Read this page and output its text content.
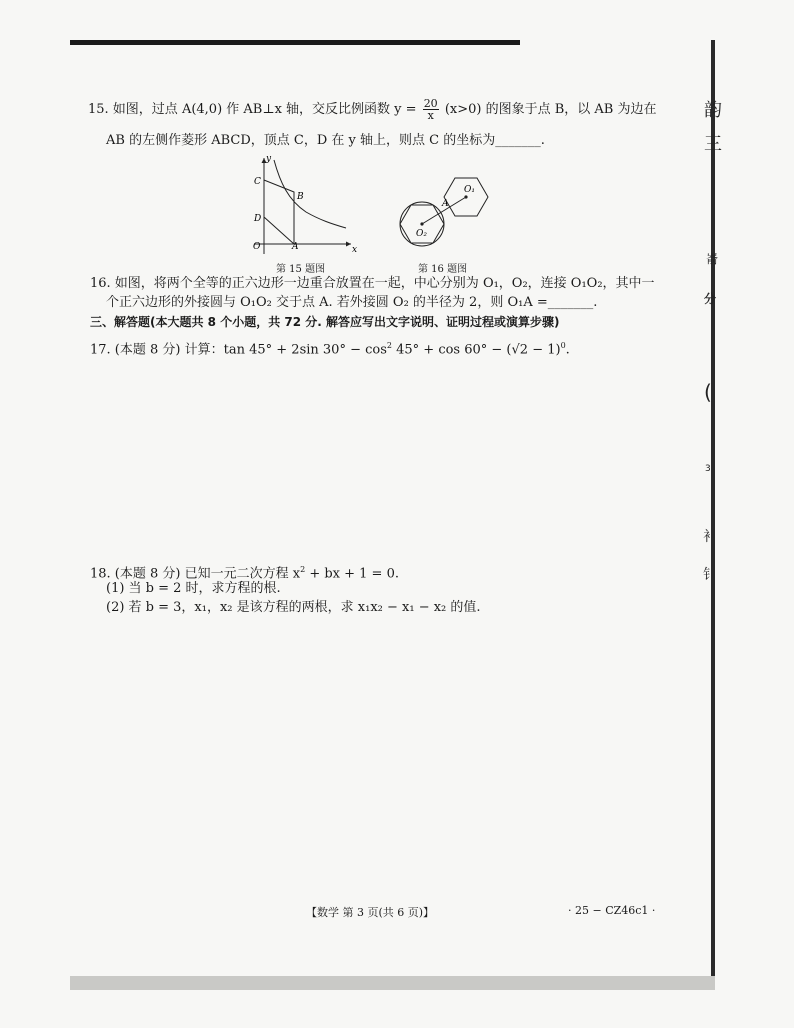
15. 如图，过点 A(4,0) 作 AB⊥x 轴，交反比例函数 $y = \frac{20}{x} (x>0)$ 的图象于点 B，以 AB 为边在
AB 的左侧作菱形 ABCD，顶点 C，D 在 y 轴上，则点 C 的坐标为_______.
y
x
C
B
D
O	A
第 15 题图
O₁
A
O₂
第 16 题图
16. 如图，将两个全等的正六边形一边重合放置在一起，中心分别为 O₁，O₂，连接 O₁O₂，其中一
个正六边形的外接圆与 O₁O₂ 交于点 A. 若外接圆 O₂ 的半径为 2，则 O₁A =_______.
三、解答题(本大题共 8 个小题，共 72 分. 解答应写出文字说明、证明过程或演算步骤)
17. (本题 8 分) 计算：tan 45° + 2sin $30^\circ - \cos^2 45^\circ + \cos 60^\circ - (√2 - 1)^0$.
18. (本题 8 分) 已知一元二次方程 $x^2$ + bx + 1 = 0.
(1) 当 b = 2 时，求方程的根.
(2) 若 b = 3，x₁，x₂ 是该方程的两根，求 x₁x₂ − x₁ − x₂ 的值.
【数学 第 3 页(共 6 页)】	· 25 − CZ46c1 ·
韵
三
嵛
分
(
3
衤
钅
